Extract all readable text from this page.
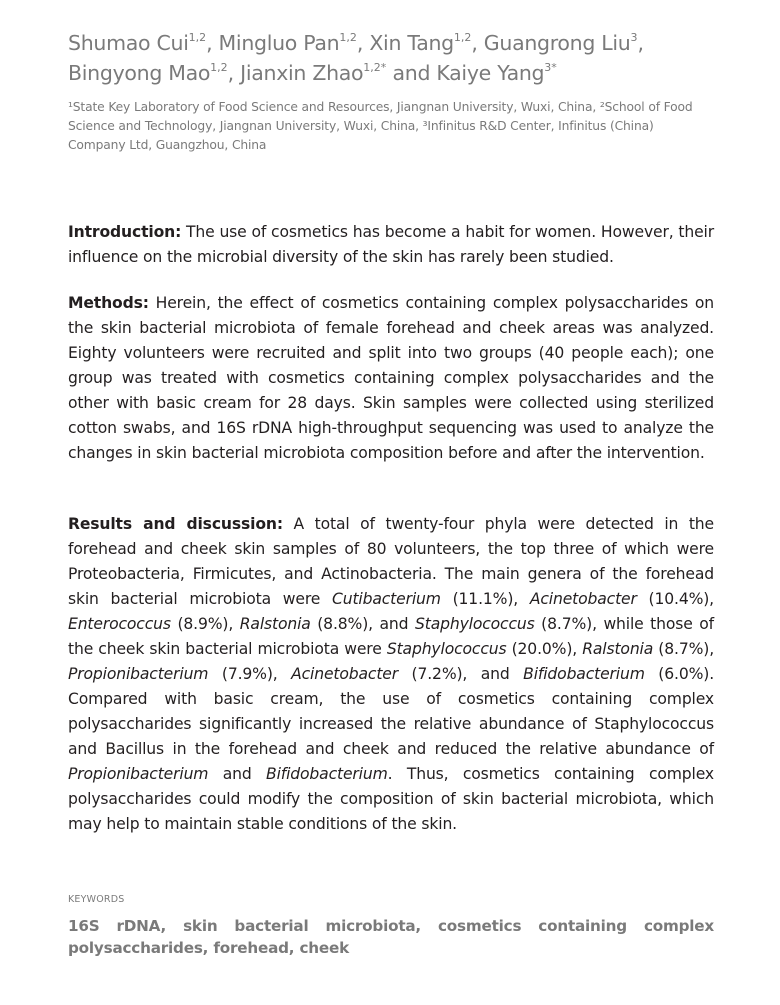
Shumao Cui$^{1,2}$, Mingluo Pan$^{1,2}$, Xin Tang$^{1,2}$, Guangrong Liu$^3$,
Bingyong Mao$^{1,2}$, Jianxin Zhao$^{1,2*}$ and Kaiye Yang$^{3*}$
¹State Key Laboratory of Food Science and Resources, Jiangnan University, Wuxi, China, ²School of Food Science and Technology, Jiangnan University, Wuxi, China, ³Infinitus R&D Center, Infinitus (China) Company Ltd, Guangzhou, China
Introduction: The use of cosmetics has become a habit for women. However, their influence on the microbial diversity of the skin has rarely been studied.
Methods: Herein, the effect of cosmetics containing complex polysaccharides on the skin bacterial microbiota of female forehead and cheek areas was analyzed. Eighty volunteers were recruited and split into two groups (40 people each); one group was treated with cosmetics containing complex polysaccharides and the other with basic cream for 28 days. Skin samples were collected using sterilized cotton swabs, and 16S rDNA high-throughput sequencing was used to analyze the changes in skin bacterial microbiota composition before and after the intervention.
Results and discussion: A total of twenty-four phyla were detected in the forehead and cheek skin samples of 80 volunteers, the top three of which were Proteobacteria, Firmicutes, and Actinobacteria. The main genera of the forehead skin bacterial microbiota were Cutibacterium (11.1%), Acinetobacter (10.4%), Enterococcus (8.9%), Ralstonia (8.8%), and Staphylococcus (8.7%), while those of the cheek skin bacterial microbiota were Staphylococcus (20.0%), Ralstonia (8.7%), Propionibacterium (7.9%), Acinetobacter (7.2%), and Bifidobacterium (6.0%). Compared with basic cream, the use of cosmetics containing complex polysaccharides significantly increased the relative abundance of Staphylococcus and Bacillus in the forehead and cheek and reduced the relative abundance of Propionibacterium and Bifidobacterium. Thus, cosmetics containing complex polysaccharides could modify the composition of skin bacterial microbiota, which may help to maintain stable conditions of the skin.
KEYWORDS
16S rDNA, skin bacterial microbiota, cosmetics containing complex polysaccharides, forehead, cheek
